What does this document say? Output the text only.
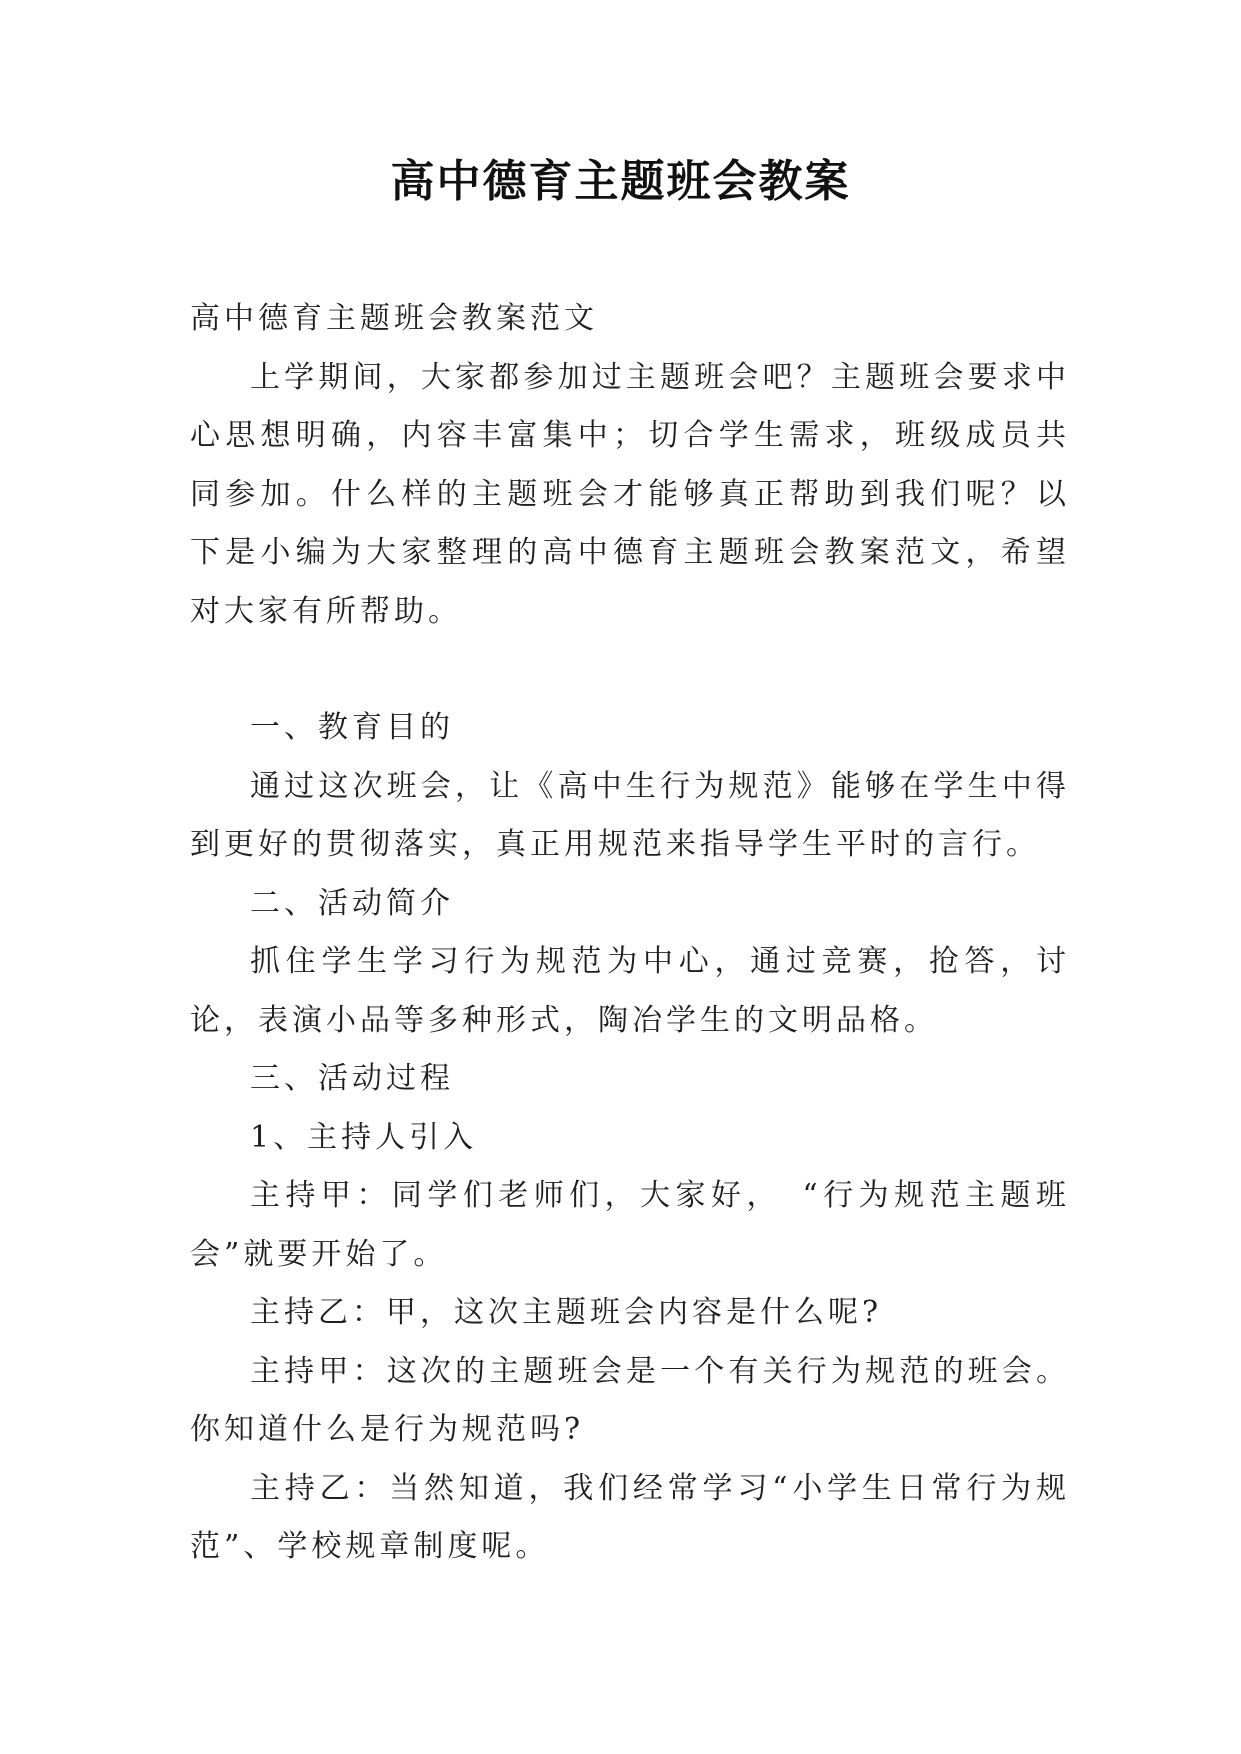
高中德育主题班会教案

高中德育主题班会教案范文

上学期间，大家都参加过主题班会吧？主题班会要求中心思想明确，内容丰富集中；切合学生需求，班级成员共同参加。什么样的主题班会才能够真正帮助到我们呢？以下是小编为大家整理的高中德育主题班会教案范文，希望对大家有所帮助。

一、教育目的

通过这次班会，让《高中生行为规范》能够在学生中得到更好的贯彻落实，真正用规范来指导学生平时的言行。

二、活动简介

抓住学生学习行为规范为中心，通过竞赛，抢答，讨论，表演小品等多种形式，陶冶学生的文明品格。

三、活动过程

1、主持人引入

主持甲：同学们老师们，大家好，　“行为规范主题班会”就要开始了。

主持乙：甲，这次主题班会内容是什么呢?

主持甲：这次的主题班会是一个有关行为规范的班会。你知道什么是行为规范吗?

主持乙：当然知道，我们经常学习“小学生日常行为规范”、学校规章制度呢。
